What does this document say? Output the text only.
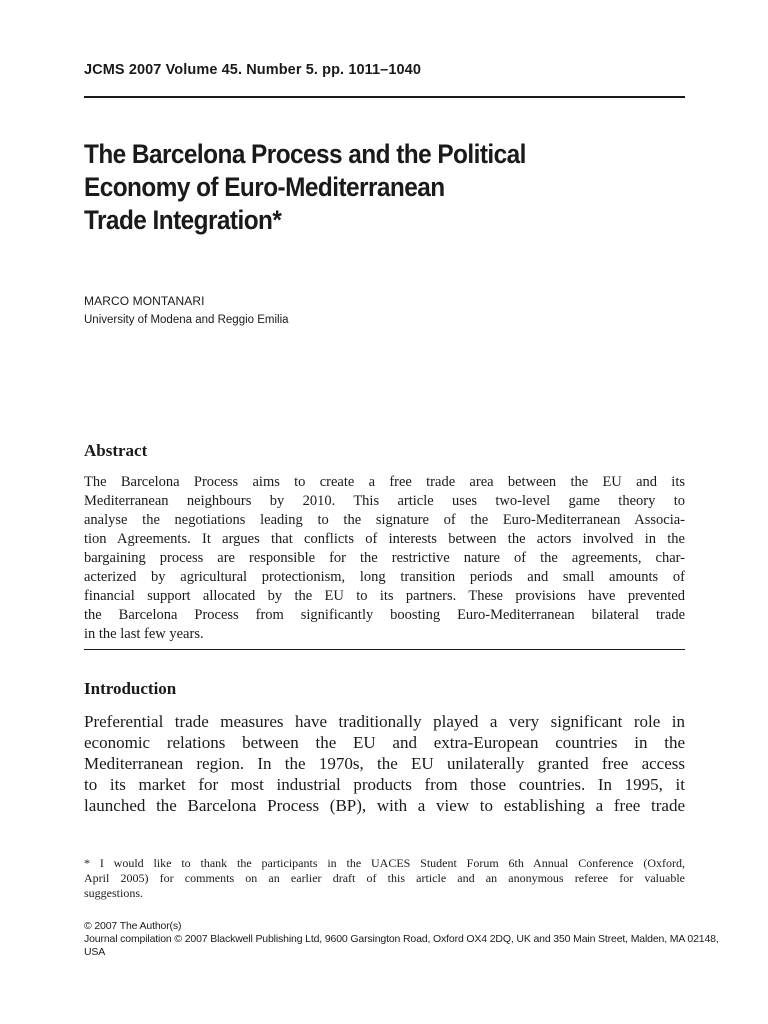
JCMS 2007 Volume 45. Number 5. pp. 1011–1040
The Barcelona Process and the Political
Economy of Euro-Mediterranean
Trade Integration*
MARCO MONTANARI
University of Modena and Reggio Emilia
Abstract
The Barcelona Process aims to create a free trade area between the EU and its
Mediterranean neighbours by 2010. This article uses two-level game theory to
analyse the negotiations leading to the signature of the Euro-Mediterranean Associa-
tion Agreements. It argues that conflicts of interests between the actors involved in the
bargaining process are responsible for the restrictive nature of the agreements, char-
acterized by agricultural protectionism, long transition periods and small amounts of
financial support allocated by the EU to its partners. These provisions have prevented
the Barcelona Process from significantly boosting Euro-Mediterranean bilateral trade
in the last few years.
Introduction
Preferential trade measures have traditionally played a very significant role in
economic relations between the EU and extra-European countries in the
Mediterranean region. In the 1970s, the EU unilaterally granted free access
to its market for most industrial products from those countries. In 1995, it
launched the Barcelona Process (BP), with a view to establishing a free trade
* I would like to thank the participants in the UACES Student Forum 6th Annual Conference (Oxford,
April 2005) for comments on an earlier draft of this article and an anonymous referee for valuable
suggestions.
© 2007 The Author(s)
Journal compilation © 2007 Blackwell Publishing Ltd, 9600 Garsington Road, Oxford OX4 2DQ, UK and 350 Main Street, Malden, MA 02148,
USA
